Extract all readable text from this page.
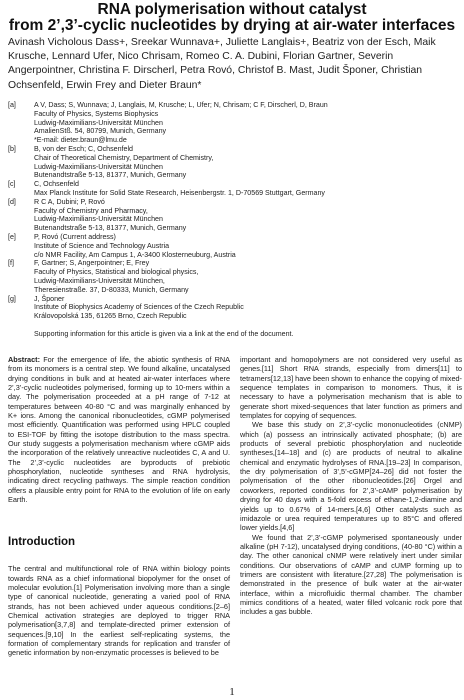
RNA polymerisation without catalyst
from 2’,3’-cyclic nucleotides by drying at air-water interfaces
Avinash Vicholous Dass+, Sreekar Wunnava+, Juliette Langlais+, Beatriz von der Esch, Maik Krusche, Lennard Ufer, Nico Chrisam, Romeo C. A. Dubini, Florian Gartner, Severin Angerpointner, Christina F. Dirscherl, Petra Rovó, Christof B. Mast, Judit Šponer, Christian Ochsenfeld, Erwin Frey and Dieter Braun*
[a]	A V, Dass; S, Wunnava; J, Langlais, M, Krusche; L, Ufer; N, Chrisam; C F, Dirscherl, D, Braun
Faculty of Physics, Systems Biophysics
Ludwig-Maximilians-Universität München
AmalienStß. 54, 80799, Munich, Germany
*E-mail: dieter.braun@lmu.de
[b]	B, von der Esch; C, Ochsenfeld
Chair of Theoretical Chemistry, Department of Chemistry,
Ludwig-Maximilians-Universität München
Butenandtstraße 5-13, 81377, Munich, Germany
[c]	C, Ochsenfeld
Max Planck Institute for Solid State Research, Heisenbergstr. 1, D-70569 Stuttgart, Germany
[d]	R C A, Dubini; P, Rovó
Faculty of Chemistry and Pharmacy,
Ludwig-Maximilians-Universität München
Butenandtstraße 5-13, 81377, Munich, Germany
[e]	P, Rovó (Current address)
Institute of Science and Technology Austria
c/o NMR Facility, Am Campus 1, A-3400 Klosterneuburg, Austria
[f]	F, Gartner; S, Angerpointner; E, Frey
Faculty of Physics, Statistical and biological physics,
Ludwig-Maximilians-Universität München,
Theresienstraße. 37, D-80333, Munich, Germany
[g]	J, Šponer
Institute of Biophysics Academy of Sciences of the Czech Republic
Královopolská 135, 61265 Brno, Czech Republic
Supporting information for this article is given via a link at the end of the document.

Abstract: For the emergence of life, the abiotic synthesis of RNA from its monomers is a central step. We found alkaline, uncatalysed drying conditions in bulk and at heated air-water interfaces where 2’,3’-cyclic nucleotides polymerised, forming up to 10-mers within a day. The polymerisation proceeded at a pH range of 7-12 at temperatures between 40-80 °C and was marginally enhanced by K+ ions. Among the canonical ribonucleotides, cGMP polymerised most efficiently. Quantification was performed using HPLC coupled to ESI-TOF by fitting the isotope distribution to the mass spectra. Our study suggests a polymerisation mechanism where cGMP aids the incorporation of the relatively unreactive nucleotides C, A and U. The 2’,3’-cyclic nucleotides are byproducts of prebiotic phosphorylation, nucleotide syntheses and RNA hydrolysis, indicating direct recycling pathways. The simple reaction condition offers a plausible entry point for RNA to the evolution of life on early Earth.

Introduction

The central and multifunctional role of RNA within biology points towards RNA as a chief informational biopolymer for the onset of molecular evolution.[1] Polymerisation involving more than a single type of canonical nucleotide, generating a varied pool of RNA strands, has not been achieved under aqueous conditions.[2–6] Chemical activation strategies are deployed to trigger RNA polymerisation[3,7,8] and template-directed primer extension of sequences.[9,10] In the earliest self-replicating systems, the formation of complementary strands for replication and transfer of genetic information by non-enzymatic processes is believed to be

important and homopolymers are not considered very useful as genes.[11] Short RNA strands, especially from dimers[11] to tetramers[12,13] have been shown to enhance the copying of mixed-sequence templates in comparison to monomers. Thus, it is necessary to have a polymerisation mechanism that is able to generate short mixed-sequences that later function as primers and templates for copying of sequences.

We base this study on 2’,3’-cyclic mononucleotides (cNMP) which (a) possess an intrinsically activated phosphate; (b) are products of several prebiotic phosphorylation and nucleotide syntheses,[14–18] and (c) are products of neutral to alkaline chemical and enzymatic hydrolyses of RNA.[19–23] In comparison, the dry polymerisation of 3’,5’-cGMP[24–26] did not foster the polymerisation of the other ribonucleotides.[26] Orgel and coworkers, reported conditions for 2’,3’-cAMP polymerisation by drying for 40 days with a 5-fold excess of ethane-1,2-diamine and yields up to 0.67% of 14-mers.[4,6] Other catalysts such as imidazole or urea required temperatures up to 85°C and offered lower yields.[4,6]

We found that 2’,3’-cGMP polymerised spontaneously under alkaline (pH 7-12), uncatalysed drying conditions, (40-80 °C) within a day. The other canonical cNMP were relatively inert under similar conditions. Our observations of cAMP and cUMP forming up to trimers are consistent with literature.[27,28] The polymerisation is demonstrated in the presence of bulk water at the air-water interface, within a microfluidic thermal chamber. The chamber mimics conditions of a heated, water filled volcanic rock pore that includes a gas bubble.

1
